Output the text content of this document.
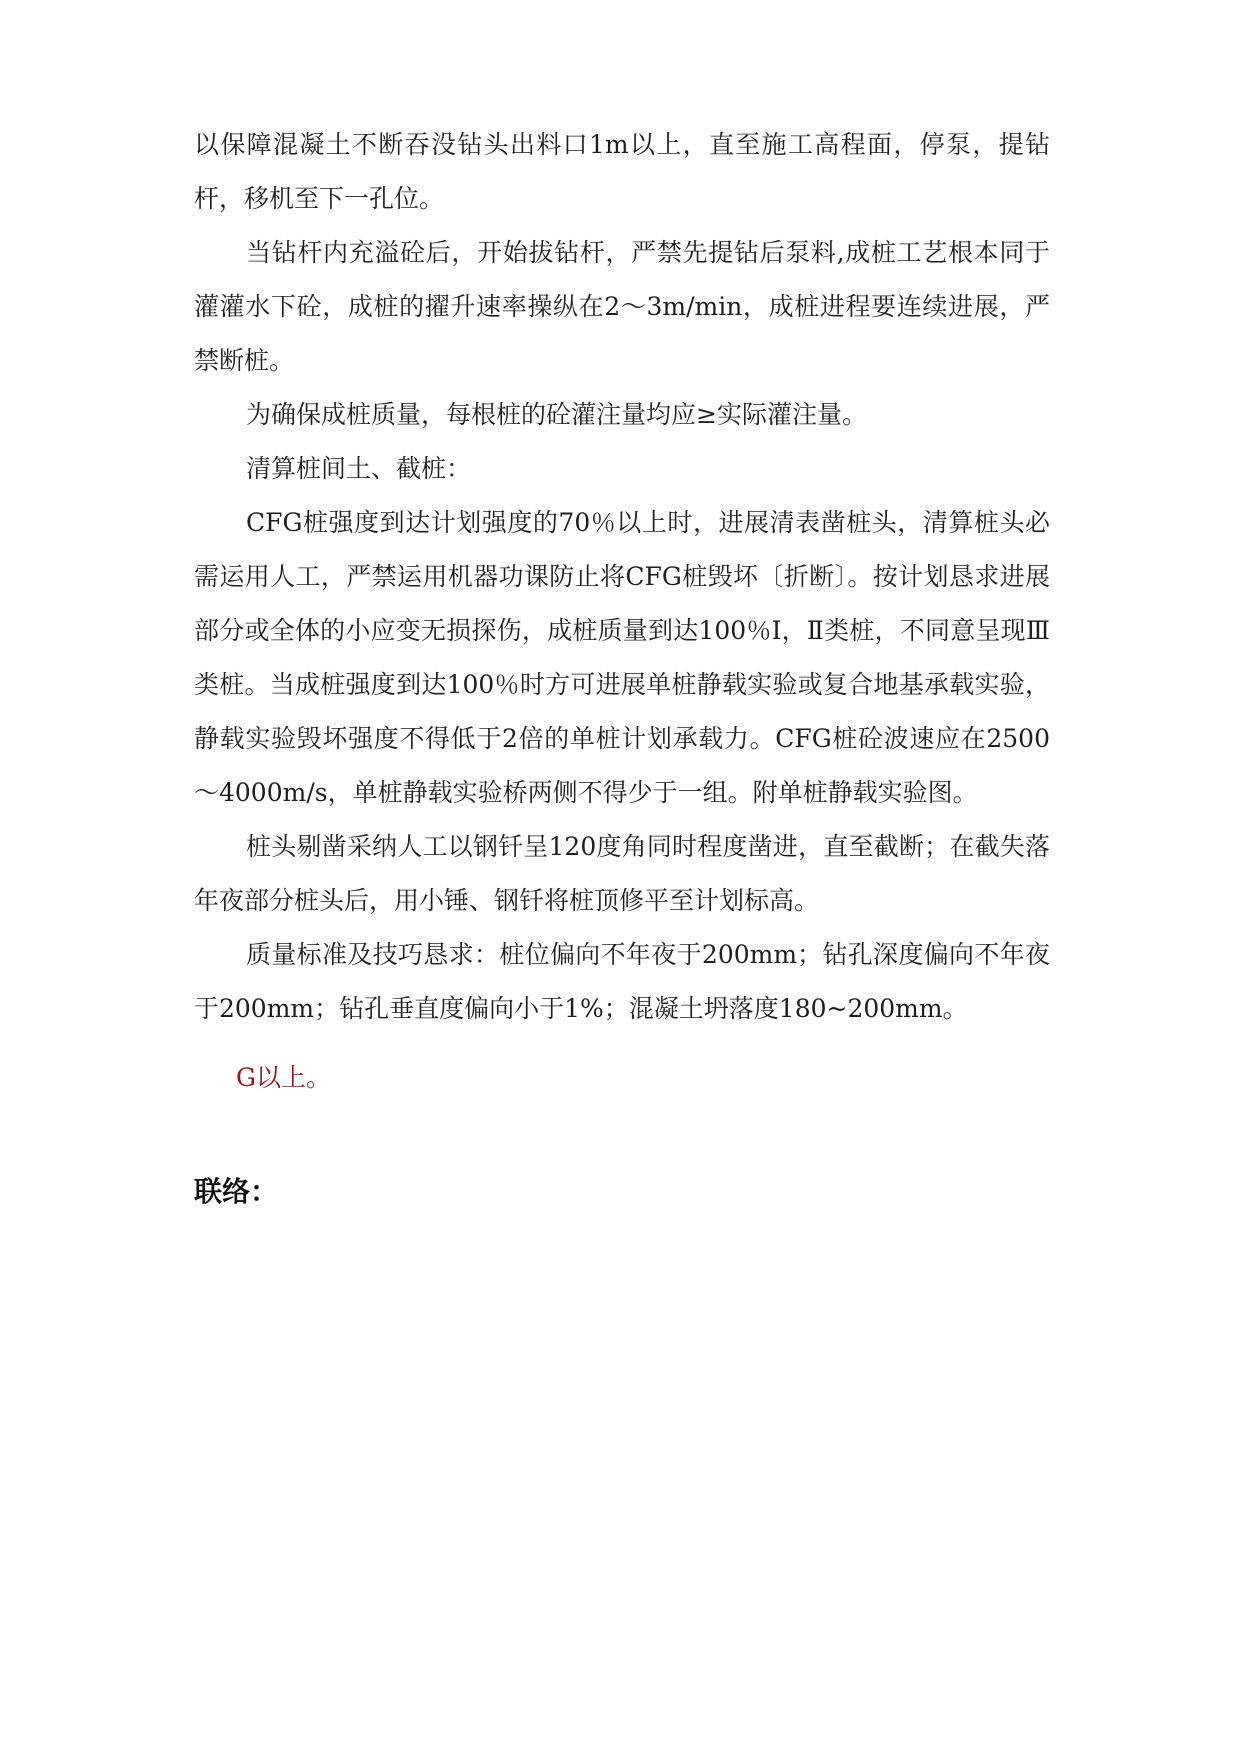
以保障混凝土不断吞没钻头出料口1m以上，直至施工高程面，停泵，提钻杆，移机至下一孔位。

当钻杆内充溢砼后，开始拔钻杆，严禁先提钻后泵料,成桩工艺根本同于灌灌水下砼，成桩的擢升速率操纵在2～3m/min，成桩进程要连续进展，严禁断桩。

为确保成桩质量，每根桩的砼灌注量均应≥实际灌注量。

清算桩间土、截桩：

CFG桩强度到达计划强度的70％以上时，进展清表凿桩头，清算桩头必需运用人工，严禁运用机器功课防止将CFG桩毁坏〔折断〕。按计划恳求进展部分或全体的小应变无损探伤，成桩质量到达100％Ⅰ，Ⅱ类桩，不同意呈现Ⅲ类桩。当成桩强度到达100％时方可进展单桩静载实验或复合地基承载实验，静载实验毁坏强度不得低于2倍的单桩计划承载力。CFG桩砼波速应在2500～4000m/s，单桩静载实验桥两侧不得少于一组。附单桩静载实验图。

桩头剔凿采纳人工以钢钎呈120度角同时程度凿进，直至截断；在截失落年夜部分桩头后，用小锤、钢钎将桩顶修平至计划标高。

质量标准及技巧恳求：桩位偏向不年夜于200mm；钻孔深度偏向不年夜于200mm；钻孔垂直度偏向小于1%；混凝土坍落度180~200mm。

G以上。

联络：
